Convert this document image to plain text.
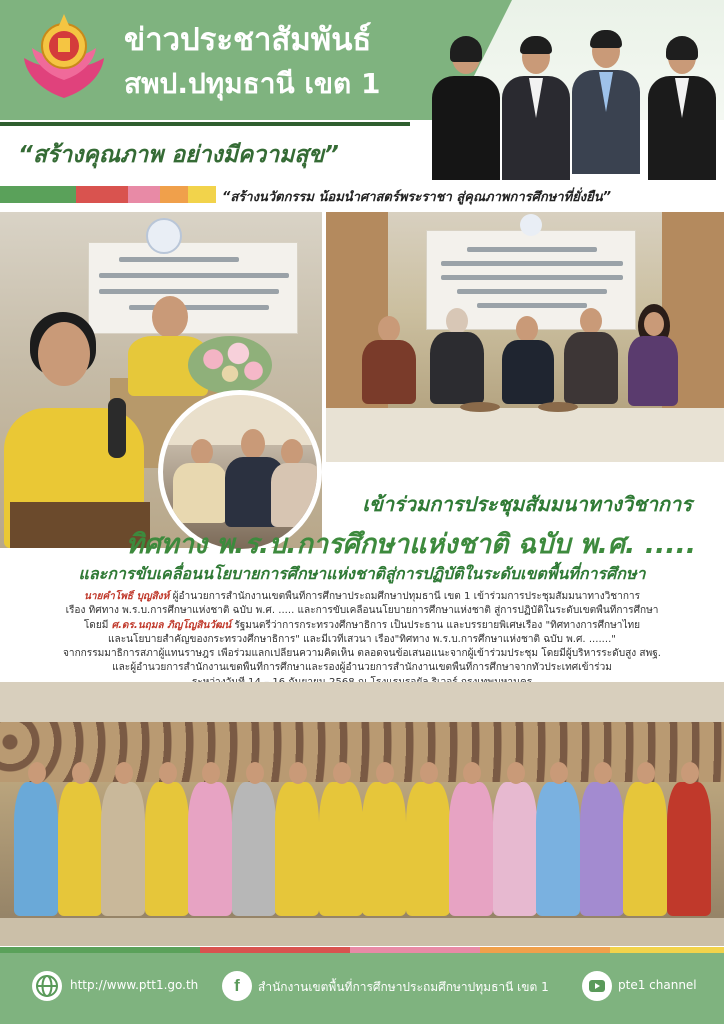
ข่าวประชาสัมพันธ์
สพป.ปทุมธานี เขต 1
“สร้างคุณภาพ อย่างมีความสุข”
“สร้างนวัตกรรม น้อมนำศาสตร์พระราชา สู่คุณภาพการศึกษาที่ยั่งยืน”
เข้าร่วมการประชุมสัมมนาทางวิชาการ
ทิศทาง พ.ร.บ.การศึกษาแห่งชาติ ฉบับ พ.ศ. .....
และการขับเคลื่อนนโยบายการศึกษาแห่งชาติสู่การปฏิบัติในระดับเขตพื้นที่การศึกษา
นายคำโพธิ์ บุญสิงห์ ผู้อำนวยการสำนักงานเขตพื้นที่การศึกษาประถมศึกษาปทุมธานี เขต 1 เข้าร่วมการประชุมสัมมนาทางวิชาการ
เรื่อง ทิศทาง พ.ร.บ.การศึกษาแห่งชาติ ฉบับ พ.ศ. ..... และการขับเคลื่อนนโยบายการศึกษาแห่งชาติ สู่การปฏิบัติในระดับเขตพื้นที่การศึกษา
โดยมี ศ.ดร.นฤมล ภิญโญสินวัฒน์ รัฐมนตรีว่าการกระทรวงศึกษาธิการ เป็นประธาน และบรรยายพิเศษเรื่อง "ทิศทางการศึกษาไทย
และนโยบายสำคัญของกระทรวงศึกษาธิการ" และมีเวทีเสวนา เรื่อง"ทิศทาง พ.ร.บ.การศึกษาแห่งชาติ ฉบับ พ.ศ. ......."
จากกรรมมาธิการสภาผู้แทนราษฎร เพื่อร่วมแลกเปลี่ยนความคิดเห็น ตลอดจนข้อเสนอแนะจากผู้เข้าร่วมประชุม โดยมีผู้บริหารระดับสูง สพฐ.
และผู้อำนวยการสำนักงานเขตพื้นที่การศึกษาและรองผู้อำนวยการสำนักงานเขตพื้นที่การศึกษาจากทั่วประเทศเข้าร่วม
http://www.ptt1.go.th	f	สำนักงานเขตพื้นที่การศึกษาประถมศึกษาปทุมธานี เขต 1	pte1 channel
